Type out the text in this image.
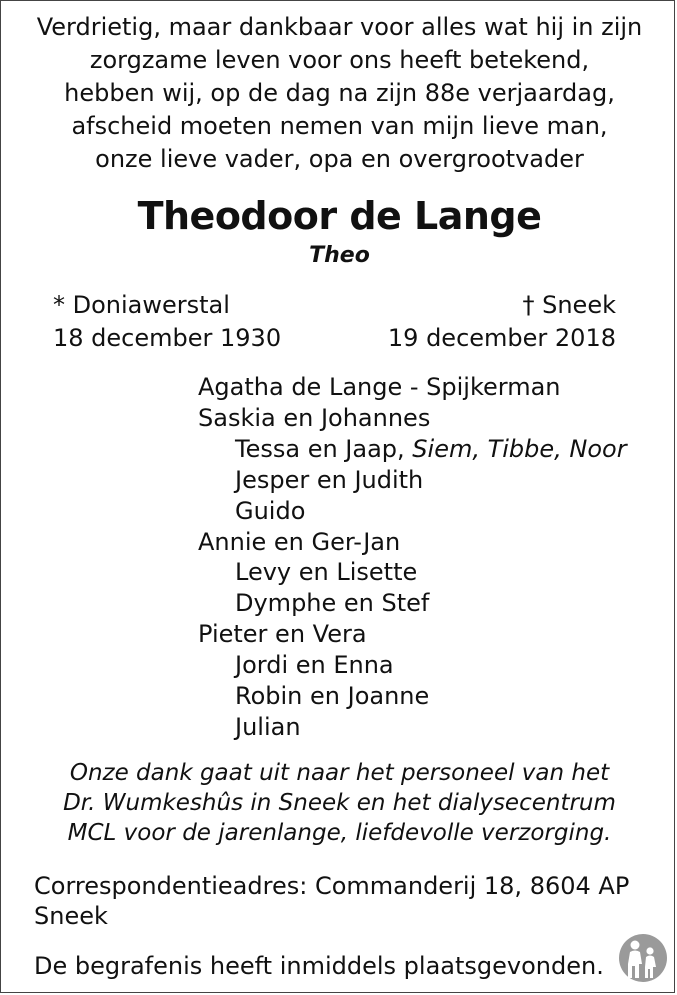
Verdrietig, maar dankbaar voor alles wat hij in zijn
zorgzame leven voor ons heeft betekend,
hebben wij, op de dag na zijn 88e verjaardag,
afscheid moeten nemen van mijn lieve man,
onze lieve vader, opa en overgrootvader
Theodoor de Lange
Theo
* Doniawerstal
18 december 1930
† Sneek
19 december 2018
Agatha de Lange - Spijkerman
Saskia en Johannes
Tessa en Jaap, Siem, Tibbe, Noor
Jesper en Judith
Guido
Annie en Ger-Jan
Levy en Lisette
Dymphe en Stef
Pieter en Vera
Jordi en Enna
Robin en Joanne
Julian
Onze dank gaat uit naar het personeel van het
Dr. Wumkeshûs in Sneek en het dialysecentrum
MCL voor de jarenlange, liefdevolle verzorging.
Correspondentieadres: Commanderij 18, 8604 AP Sneek
De begrafenis heeft inmiddels plaatsgevonden.
